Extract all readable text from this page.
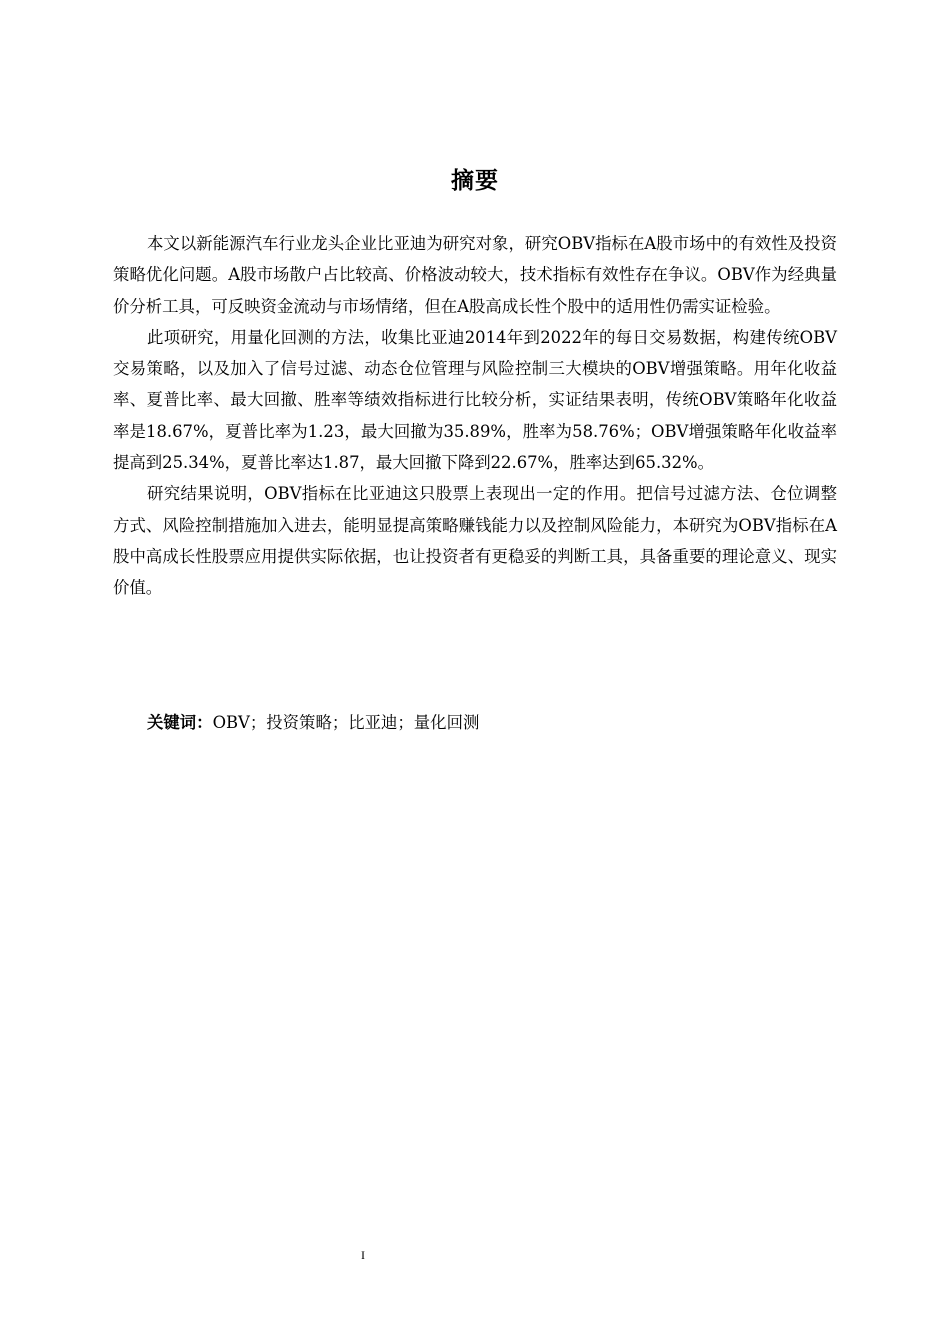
摘要

本文以新能源汽车行业龙头企业比亚迪为研究对象，研究OBV指标在A股市场中的有效性及投资策略优化问题。A股市场散户占比较高、价格波动较大，技术指标有效性存在争议。OBV作为经典量价分析工具，可反映资金流动与市场情绪，但在A股高成长性个股中的适用性仍需实证检验。

此项研究，用量化回测的方法，收集比亚迪2014年到2022年的每日交易数据，构建传统OBV交易策略，以及加入了信号过滤、动态仓位管理与风险控制三大模块的OBV增强策略。用年化收益率、夏普比率、最大回撤、胜率等绩效指标进行比较分析，实证结果表明，传统OBV策略年化收益率是18.67%，夏普比率为1.23，最大回撤为35.89%，胜率为58.76%；OBV增强策略年化收益率提高到25.34%，夏普比率达1.87，最大回撤下降到22.67%，胜率达到65.32%。

研究结果说明，OBV指标在比亚迪这只股票上表现出一定的作用。把信号过滤方法、仓位调整方式、风险控制措施加入进去，能明显提高策略赚钱能力以及控制风险能力，本研究为OBV指标在A股中高成长性股票应用提供实际依据，也让投资者有更稳妥的判断工具，具备重要的理论意义、现实价值。

关键词：OBV；投资策略；比亚迪；量化回测
I
